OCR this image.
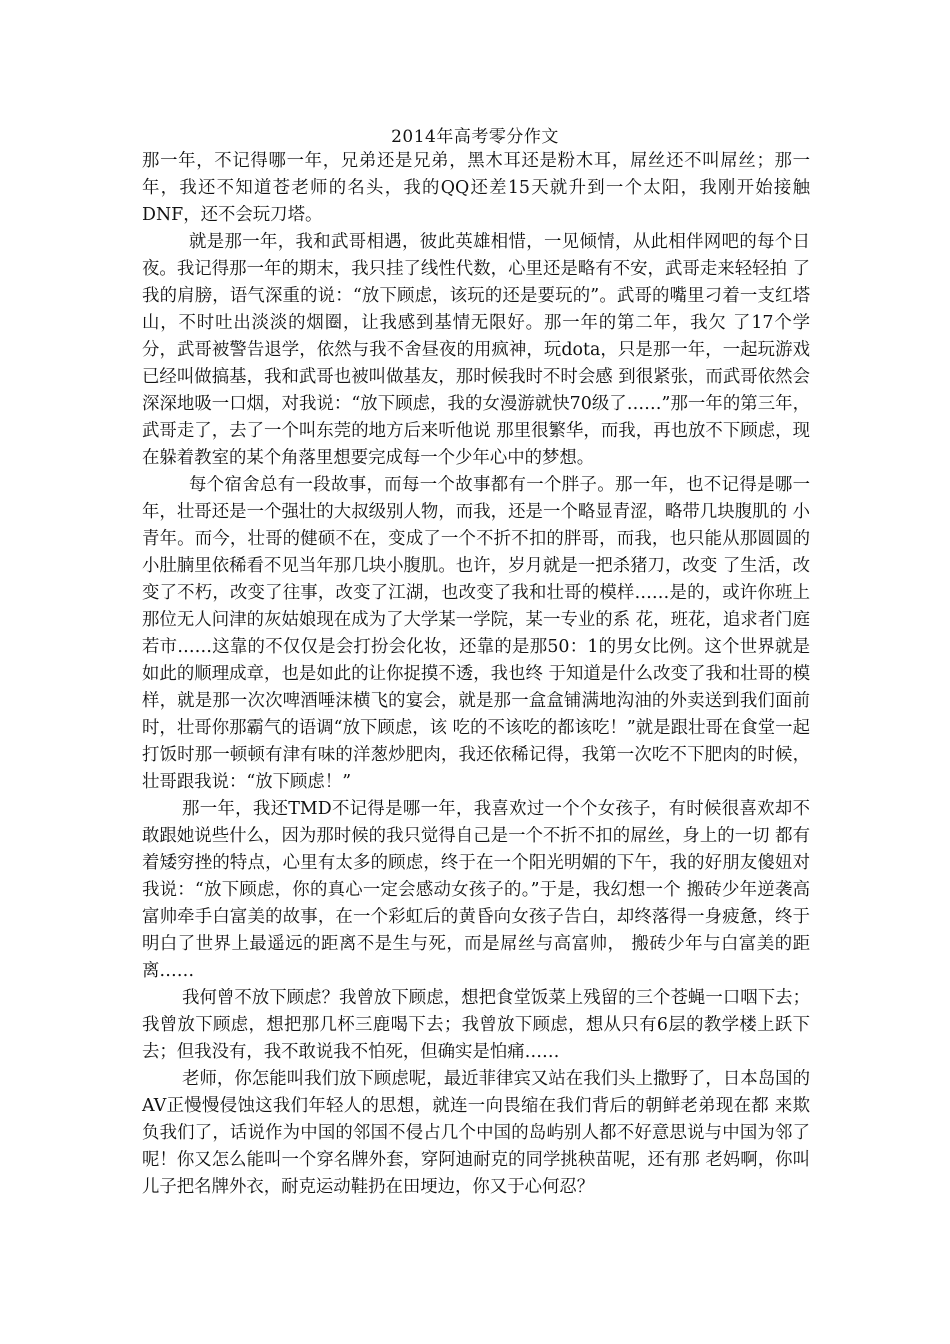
2014年高考零分作文

那一年，不记得哪一年，兄弟还是兄弟，黑木耳还是粉木耳，屌丝还不叫屌丝；那一年，我还不知道苍老师的名头，我的QQ还差15天就升到一个太阳，我刚开始接触DNF，还不会玩刀塔。

就是那一年，我和武哥相遇，彼此英雄相惜，一见倾情，从此相伴网吧的每个日夜。我记得那一年的期末，我只挂了线性代数，心里还是略有不安，武哥走来轻轻拍 了我的肩膀，语气深重的说：“放下顾虑，该玩的还是要玩的”。武哥的嘴里刁着一支红塔山，不时吐出淡淡的烟圈，让我感到基情无限好。那一年的第二年，我欠 了17个学分，武哥被警告退学，依然与我不舍昼夜的用疯神，玩dota，只是那一年，一起玩游戏已经叫做搞基，我和武哥也被叫做基友，那时候我时不时会感 到很紧张，而武哥依然会深深地吸一口烟，对我说：“放下顾虑，我的女漫游就快70级了……”那一年的第三年，武哥走了，去了一个叫东莞的地方后来听他说 那里很繁华，而我，再也放不下顾虑，现在躲着教室的某个角落里想要完成每一个少年心中的梦想。

每个宿舍总有一段故事，而每一个故事都有一个胖子。那一年，也不记得是哪一年，壮哥还是一个强壮的大叔级别人物，而我，还是一个略显青涩，略带几块腹肌的 小青年。而今，壮哥的健硕不在，变成了一个不折不扣的胖哥，而我，也只能从那圆圆的小肚腩里依稀看不见当年那几块小腹肌。也许，岁月就是一把杀猪刀，改变 了生活，改变了不朽，改变了往事，改变了江湖，也改变了我和壮哥的模样……是的，或许你班上那位无人问津的灰姑娘现在成为了大学某一学院，某一专业的系 花，班花，追求者门庭若市……这靠的不仅仅是会打扮会化妆，还靠的是那50：1的男女比例。这个世界就是如此的顺理成章，也是如此的让你捉摸不透，我也终 于知道是什么改变了我和壮哥的模样，就是那一次次啤酒唾沫横飞的宴会，就是那一盒盒铺满地沟油的外卖送到我们面前时，壮哥你那霸气的语调“放下顾虑，该 吃的不该吃的都该吃！”就是跟壮哥在食堂一起打饭时那一顿顿有津有味的洋葱炒肥肉，我还依稀记得，我第一次吃不下肥肉的时候，壮哥跟我说：“放下顾虑！”

那一年，我还TMD不记得是哪一年，我喜欢过一个个女孩子，有时候很喜欢却不敢跟她说些什么，因为那时候的我只觉得自己是一个不折不扣的屌丝，身上的一切 都有着矮穷挫的特点，心里有太多的顾虑，终于在一个阳光明媚的下午，我的好朋友傻妞对我说：“放下顾虑，你的真心一定会感动女孩子的。”于是，我幻想一个 搬砖少年逆袭高富帅牵手白富美的故事，在一个彩虹后的黄昏向女孩子告白，却终落得一身疲惫，终于明白了世界上最遥远的距离不是生与死，而是屌丝与高富帅， 搬砖少年与白富美的距离……

我何曾不放下顾虑？我曾放下顾虑，想把食堂饭菜上残留的三个苍蝇一口咽下去；我曾放下顾虑，想把那几杯三鹿喝下去；我曾放下顾虑，想从只有6层的教学楼上跃下去；但我没有，我不敢说我不怕死，但确实是怕痛……

老师，你怎能叫我们放下顾虑呢，最近菲律宾又站在我们头上撒野了，日本岛国的AV正慢慢侵蚀这我们年轻人的思想，就连一向畏缩在我们背后的朝鲜老弟现在都 来欺负我们了，话说作为中国的邻国不侵占几个中国的岛屿别人都不好意思说与中国为邻了呢！你又怎么能叫一个穿名牌外套，穿阿迪耐克的同学挑秧苗呢，还有那 老妈啊，你叫儿子把名牌外衣，耐克运动鞋扔在田埂边，你又于心何忍？
